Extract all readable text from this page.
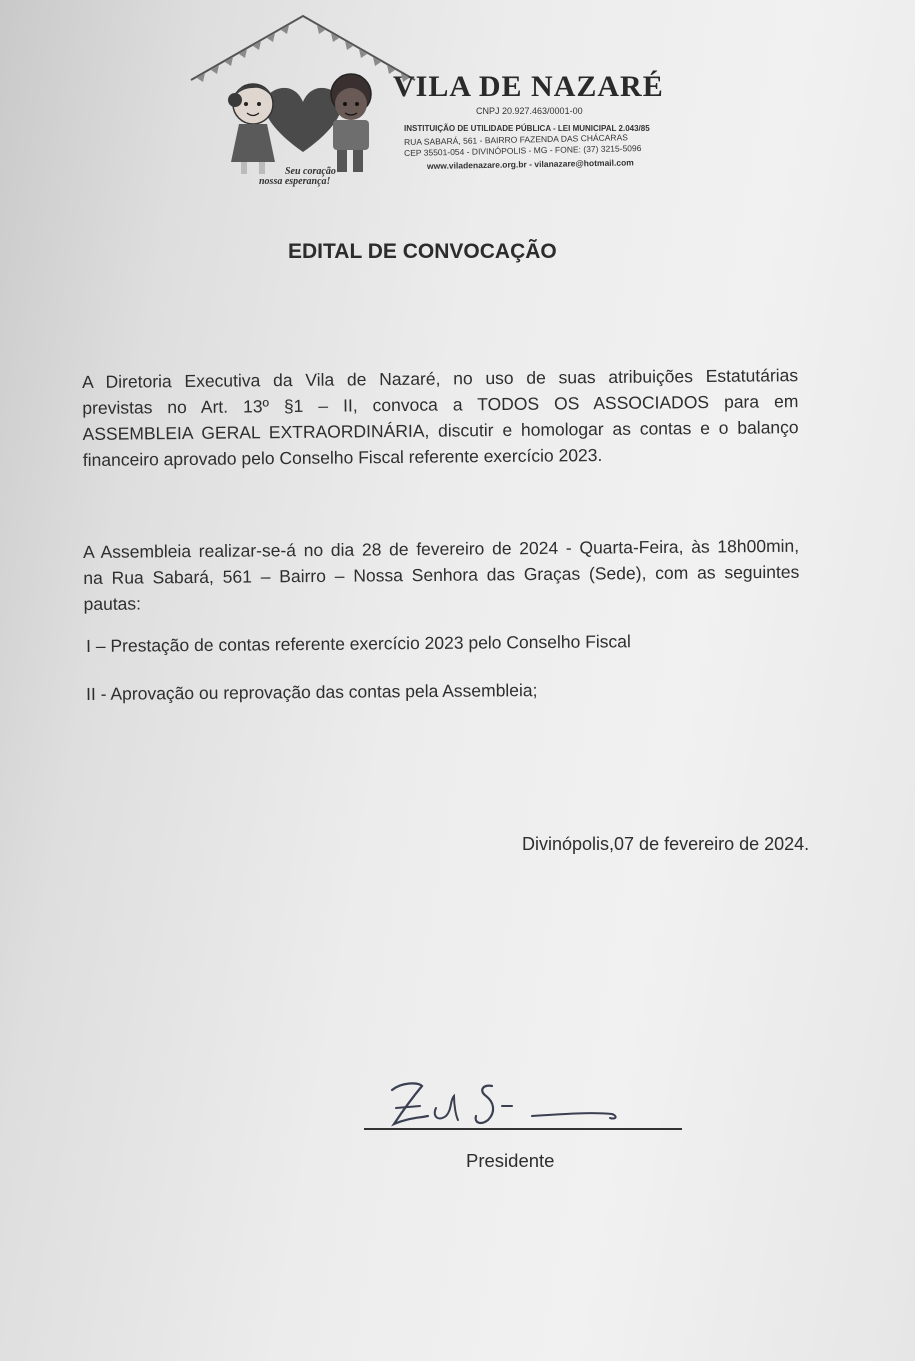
Seu coração
nossa esperança!
VILA DE NAZARÉ
CNPJ 20.927.463/0001-00
INSTITUIÇÃO DE UTILIDADE PÚBLICA - LEI MUNICIPAL 2.043/85
RUA SABARÁ, 561 - BAIRRO FAZENDA DAS CHÁCARAS
CEP 35501-054 - DIVINÓPOLIS - MG - FONE: (37) 3215-5096
www.viladenazare.org.br - vilanazare@hotmail.com
EDITAL DE CONVOCAÇÃO
A Diretoria Executiva da Vila de Nazaré, no uso de suas atribuições Estatutárias
previstas no Art. 13º §1 – II, convoca a TODOS OS ASSOCIADOS para em
ASSEMBLEIA GERAL EXTRAORDINÁRIA, discutir e homologar as contas e o balanço
financeiro aprovado pelo Conselho Fiscal referente exercício 2023.
A Assembleia realizar-se-á no dia 28 de fevereiro de 2024 - Quarta-Feira, às 18h00min,
na Rua Sabará, 561 – Bairro – Nossa Senhora das Graças (Sede), com as seguintes
pautas:
I – Prestação de contas referente exercício 2023 pelo Conselho Fiscal
II - Aprovação ou reprovação das contas pela Assembleia;
Divinópolis,07 de fevereiro de 2024.
Presidente
